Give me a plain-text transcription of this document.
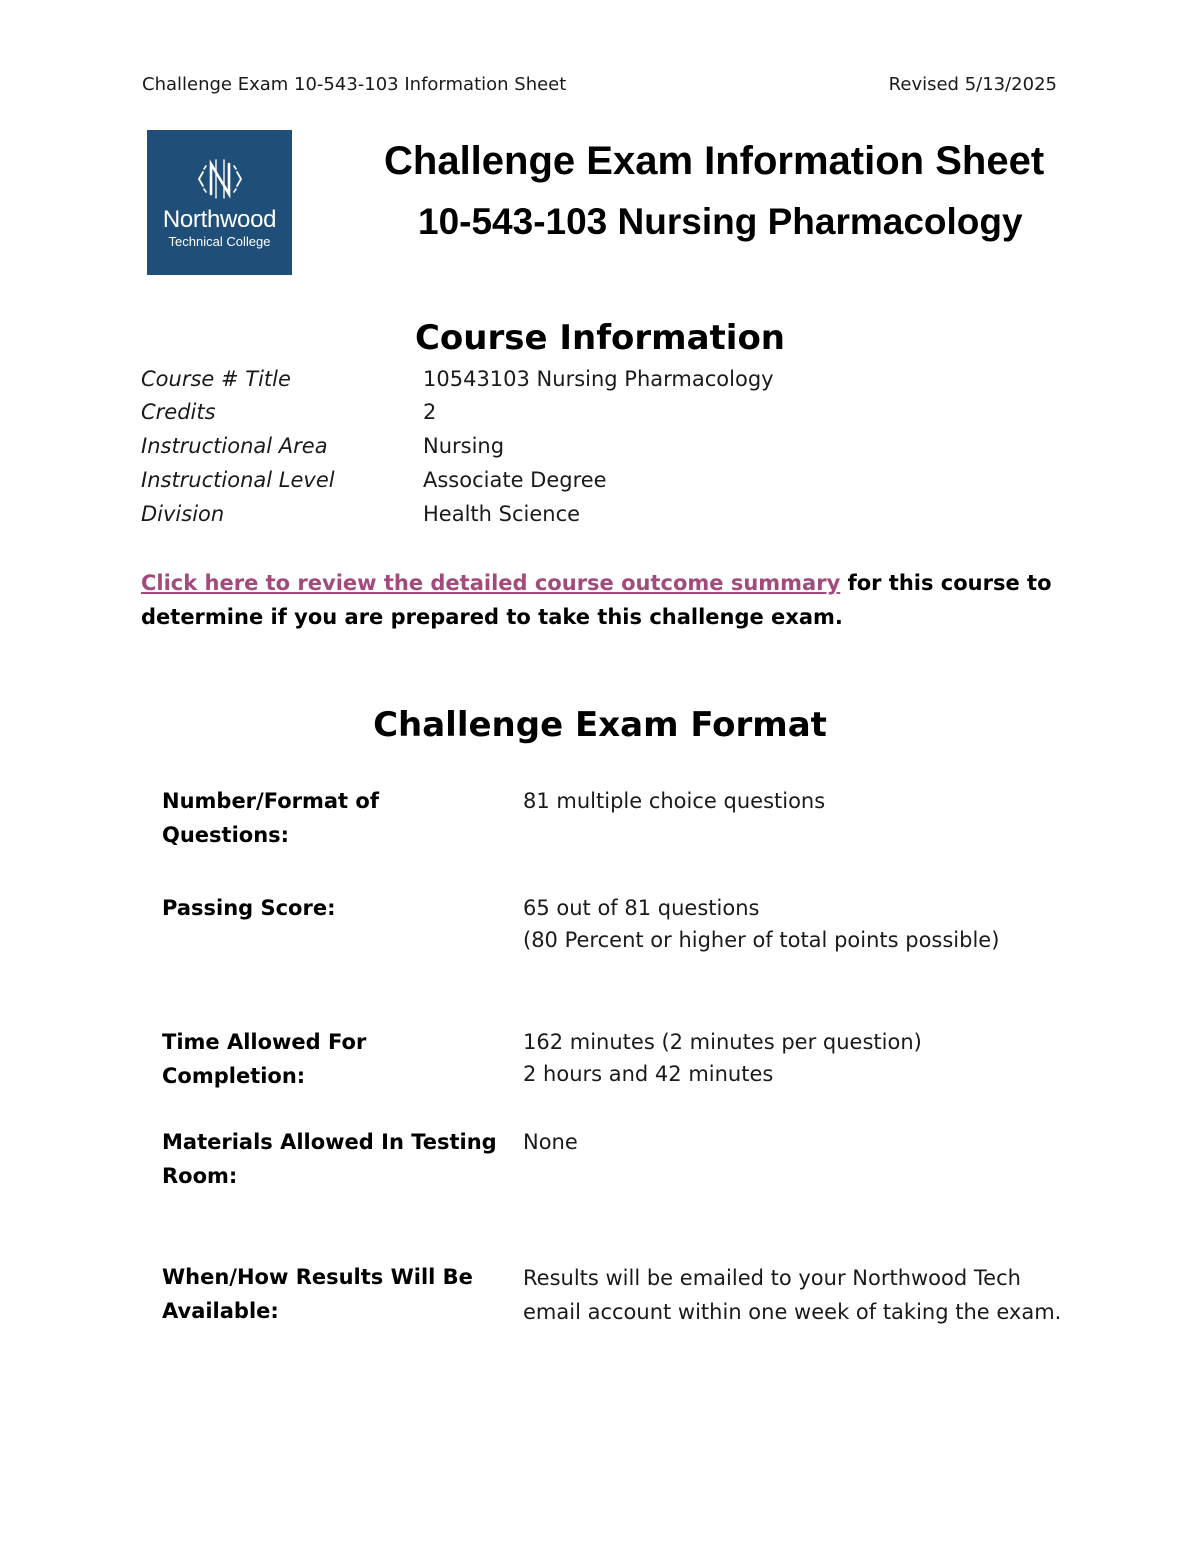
Challenge Exam 10-543-103 Information Sheet	Revised 5/13/2025
Northwood
Technical College
Challenge Exam Information Sheet
10-543-103 Nursing Pharmacology
Course Information
Course # Title	10543103 Nursing Pharmacology
Credits	2
Instructional Area	Nursing
Instructional Level	Associate Degree
Division	Health Science
Click here to review the detailed course outcome summary for this course to determine if you are prepared to take this challenge exam.
Challenge Exam Format
Number/Format of Questions:
81 multiple choice questions
Passing Score:	65 out of 81 questions
(80 Percent or higher of total points possible)
Time Allowed For Completion:
162 minutes (2 minutes per question)
2 hours and 42 minutes
Materials Allowed In Testing Room:
None
When/How Results Will Be Available:
Results will be emailed to your Northwood Tech
email account within one week of taking the exam.
